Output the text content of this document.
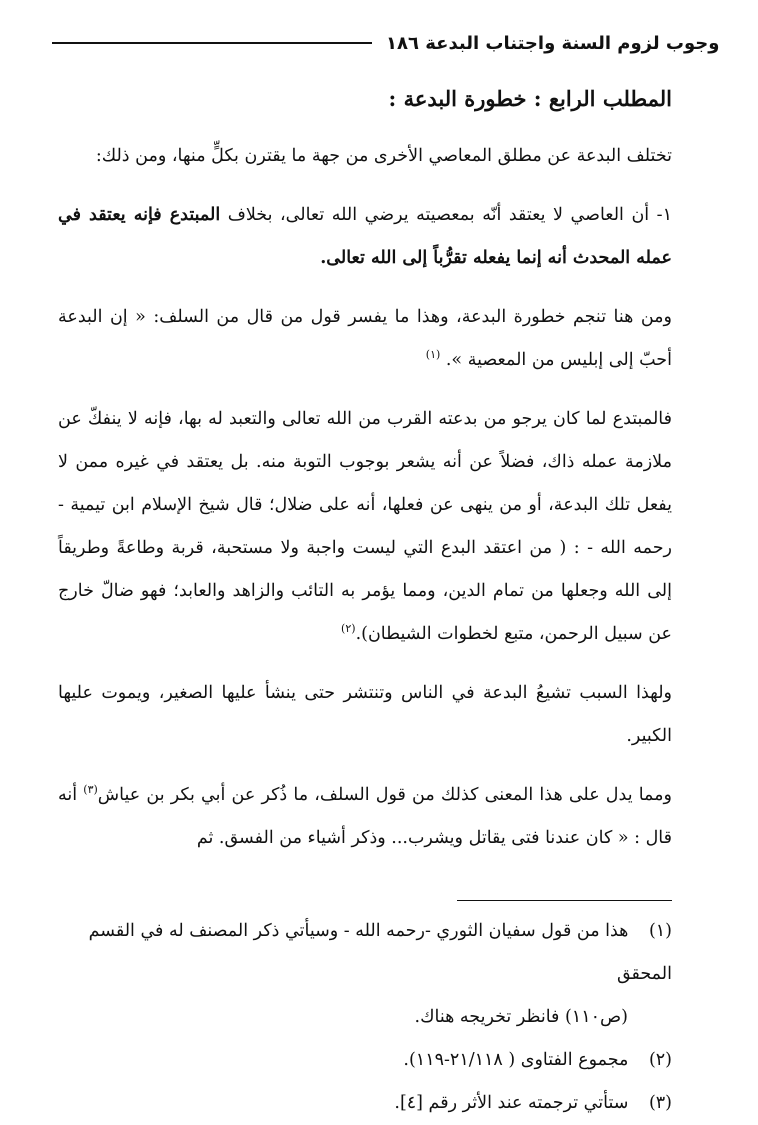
وجوب لزوم السنة واجتناب البدعة ١٨٦
المطلب الرابع : خطورة البدعة :

تختلف البدعة عن مطلق المعاصي الأخرى من جهة ما يقترن بكلٍّ منها، ومن ذلك:

١- أن العاصي لا يعتقد أنّه بمعصيته يرضي الله تعالى، بخلاف المبتدع فإنه يعتقد في عمله المحدث أنه إنما يفعله تقرُّباً إلى الله تعالى.

ومن هنا تنجم خطورة البدعة، وهذا ما يفسر قول من قال من السلف: « إن البدعة أحبّ إلى إبليس من المعصية ». $^{(١)}$

فالمبتدع لما كان يرجو من بدعته القرب من الله تعالى والتعبد له بها، فإنه لا ينفكّ عن ملازمة عمله ذاك، فضلاً عن أنه يشعر بوجوب التوبة منه. بل يعتقد في غيره ممن لا يفعل تلك البدعة، أو من ينهى عن فعلها، أنه على ضلال؛ قال شيخ الإسلام ابن تيمية - رحمه الله - : ( من اعتقد البدع التي ليست واجبة ولا مستحبة، قربة وطاعةً وطريقاً إلى الله وجعلها من تمام الدين، ومما يؤمر به التائب والزاهد والعابد؛ فهو ضالّ خارج عن سبيل الرحمن، متبع لخطوات الشيطان).$^{(٢)}$

ولهذا السبب تشيعُ البدعة في الناس وتنتشر حتى ينشأ عليها الصغير، ويموت عليها الكبير.

ومما يدل على هذا المعنى كذلك من قول السلف، ما ذُكر عن أبي بكر بن عياش$^{(٣)}$ أنه قال : « كان عندنا فتى يقاتل ويشرب... وذكر أشياء من الفسق. ثم

(١) هذا من قول سفيان الثوري -رحمه الله - وسيأتي ذكر المصنف له في القسم المحقق

(ص١١٠) فانظر تخريجه هناك.

(٢) مجموع الفتاوى ( ٢١/١١٨-١١٩).

(٣) ستأتي ترجمته عند الأثر رقم [٤].
